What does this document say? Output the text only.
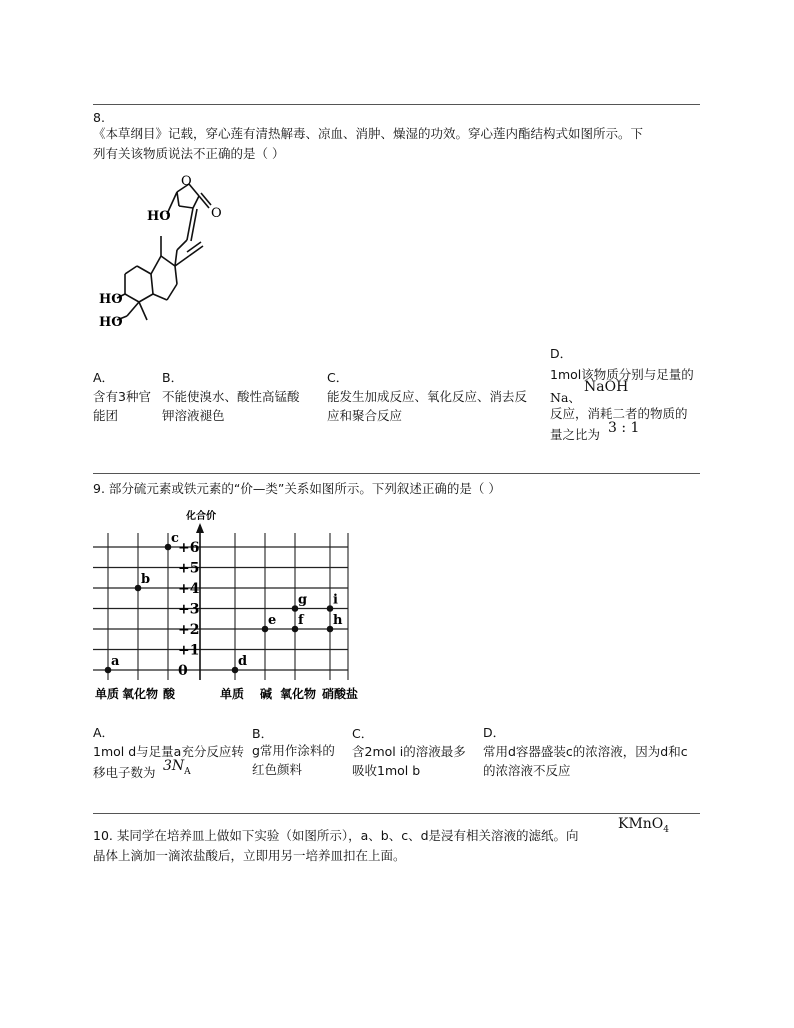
8.
《本草纲目》记载，穿心莲有清热解毒、凉血、消肿、燥湿的功效。穿心莲内酯结构式如图所示。下
列有关该物质说法不正确的是（ ）
O
O
HO
HO
HO
A．
含有3种官
能团
B．
不能使溴水、酸性高锰酸
钾溶液褪色
C．
能发生加成反应、氧化反应、消去反
应和聚合反应
D．
1mol该物质分别与足量的
Na、
NaOH
反应，消耗二者的物质的
量之比为 3 : 1
9. 部分硫元素或铁元素的“价—类”关系如图所示。下列叙述正确的是（ ）
化合价
0
+1
+2
+3
+4
+5
+6
单质 氧化物 酸	单质 碱 氧化物 硝酸盐
a
b
c
d
e f
g
h
i
A．
1mol d与足量a充分反应转
移电子数为 $3N_A$
B．
g常用作涂料的
红色颜料
C．
含2mol i的溶液最多
吸收1mol b
D．
常用d容器盛装c的浓溶液，因为d和c
的浓溶液不反应
10. 某同学在培养皿上做如下实验（如图所示），a、b、c、d是浸有相关溶液的滤纸。向
KMnO$_4$
晶体上滴加一滴浓盐酸后，立即用另一培养皿扣在上面。
